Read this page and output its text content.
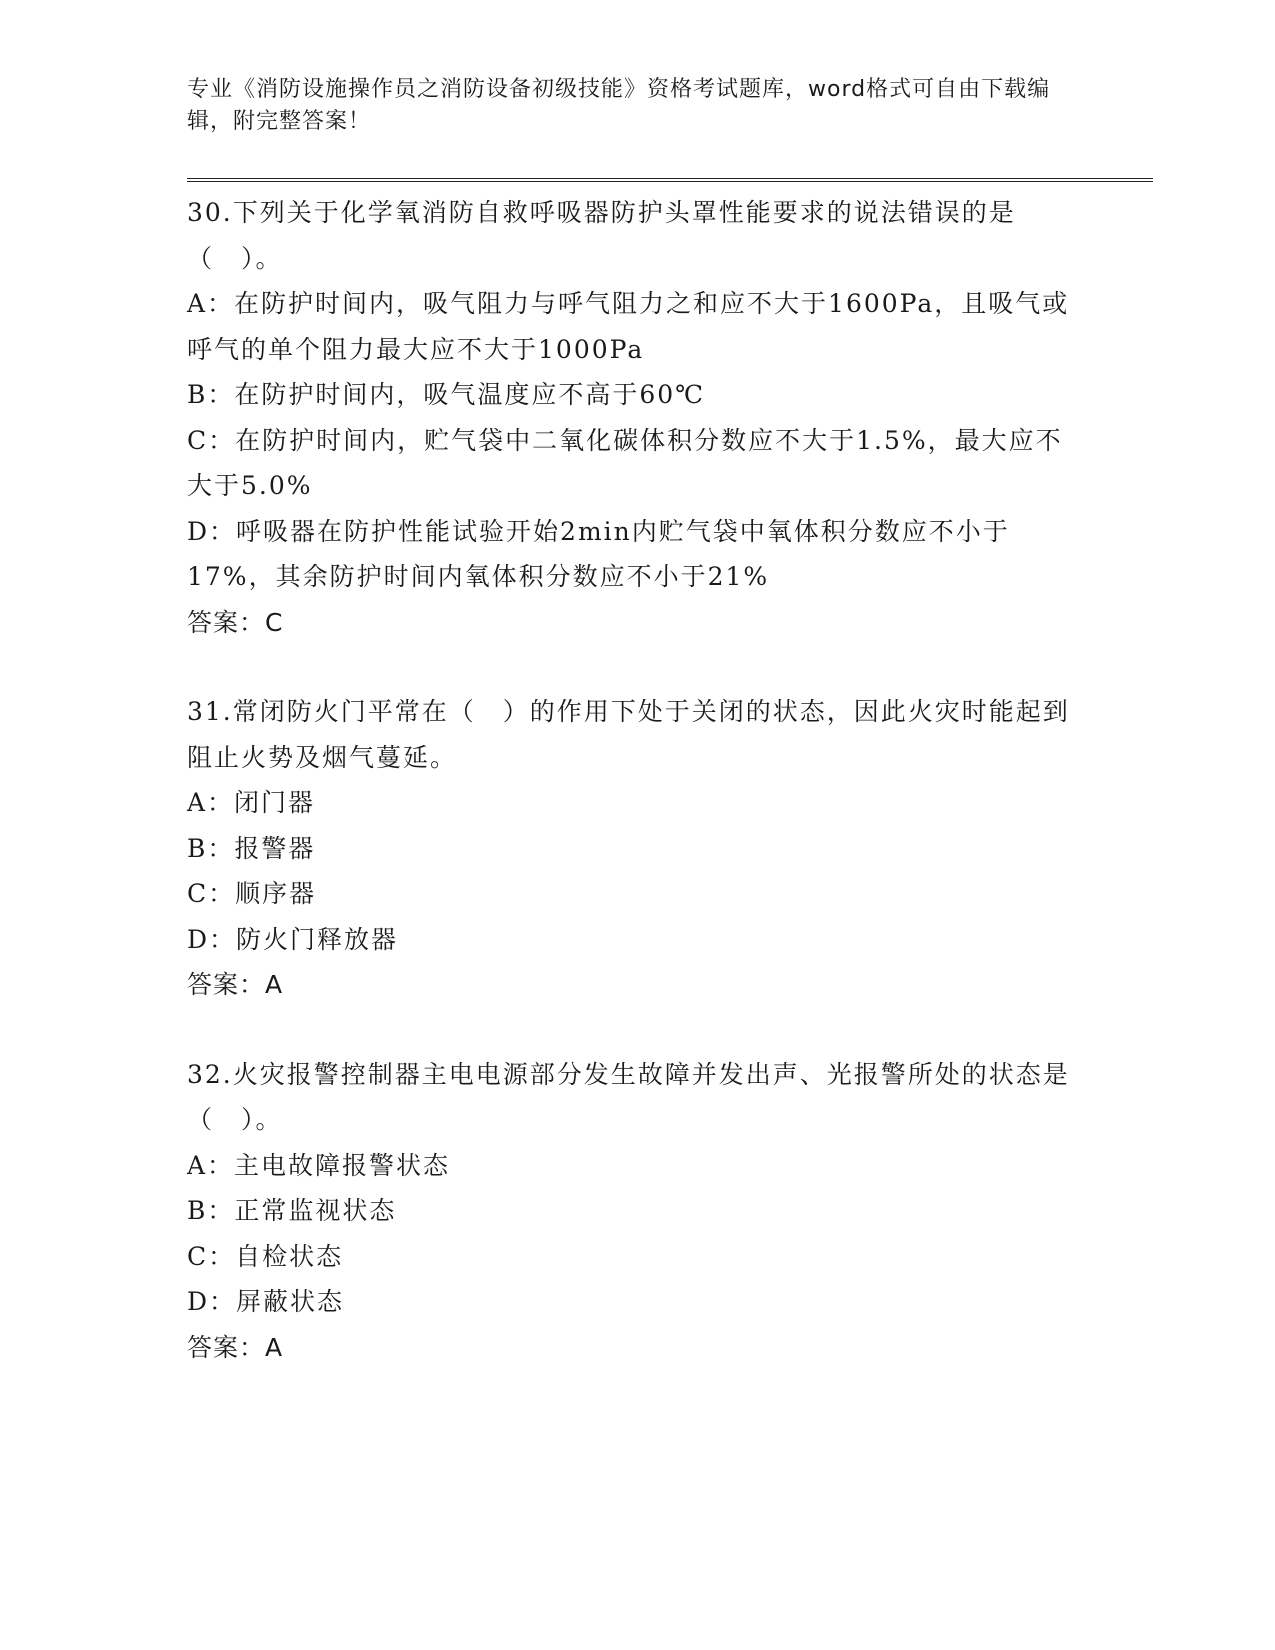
专业《消防设施操作员之消防设备初级技能》资格考试题库，word格式可自由下载编辑，附完整答案！

30.下列关于化学氧消防自救呼吸器防护头罩性能要求的说法错误的是（　）。

A：在防护时间内，吸气阻力与呼气阻力之和应不大于1600Pa，且吸气或呼气的单个阻力最大应不大于1000Pa

B：在防护时间内，吸气温度应不高于60℃

C：在防护时间内，贮气袋中二氧化碳体积分数应不大于1.5%，最大应不大于5.0%

D：呼吸器在防护性能试验开始2min内贮气袋中氧体积分数应不小于17%，其余防护时间内氧体积分数应不小于21%

答案：C

31.常闭防火门平常在（　）的作用下处于关闭的状态，因此火灾时能起到阻止火势及烟气蔓延。

A：闭门器

B：报警器

C：顺序器

D：防火门释放器

答案：A

32.火灾报警控制器主电电源部分发生故障并发出声、光报警所处的状态是（　）。

A：主电故障报警状态

B：正常监视状态

C：自检状态

D：屏蔽状态

答案：A
